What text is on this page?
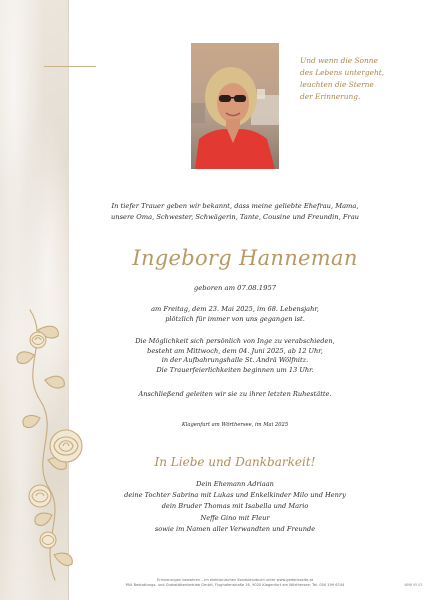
Und wenn die Sonne
des Lebens untergeht,
leuchten die Sterne
der Erinnerung.
In tiefer Trauer geben wir bekannt, dass meine geliebte Ehefrau, Mama,
unsere Oma, Schwester, Schwägerin, Tante, Cousine und Freundin, Frau
Ingeborg Hanneman
geboren am 07.08.1957
am Freitag, dem 23. Mai 2025, im 68. Lebensjahr,
plötzlich für immer von uns gegangen ist.
Die Möglichkeit sich persönlich von Inge zu verabschieden,
besteht am Mittwoch, dem 04. Juni 2025, ab 12 Uhr,
in der Aufbahrungshalle St. Andrä Wölfnitz.
Die Trauerfeierlichkeiten beginnen um 13 Uhr.
Anschließend geleiten wir sie zu ihrer letzten Ruhestätte.
Klagenfurt am Wörthersee, im Mai 2025
In Liebe und Dankbarkeit!
Dein Ehemann Adriaan
deine Tochter Sabrina mit Lukas und Enkelkinder Milo und Henry
dein Bruder Thomas mit Isabella und Mario
Neffe Gino mit Fleur
sowie im Namen aller Verwandten und Freunde
Erinnerungen bewahren – im elektronischen Kondolenzbuch unter www.gedenkseite.at
PAX Bestattungs- und Grabstättenbetrieb GmbH, Flughafenstraße 16, 9020 Klagenfurt am Wörthersee, Tel. 050 199 6744	4698 95 03
